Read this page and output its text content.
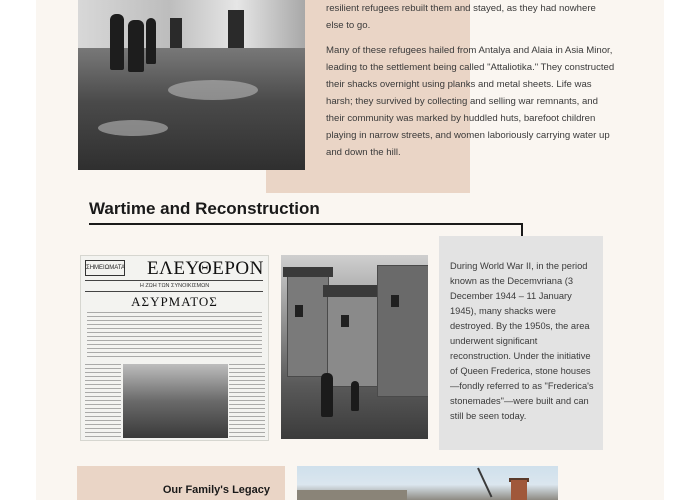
resilient refugees rebuilt them and stayed, as they had nowhere else to go.

Many of these refugees hailed from Antalya and Alaia in Asia Minor, leading to the settlement being called "Attaliotika." They constructed their shacks overnight using planks and metal sheets. Life was harsh; they survived by collecting and selling war remnants, and their community was marked by huddled huts, barefoot children playing in narrow streets, and women laboriously carrying water up and down the hill.

Wartime and Reconstruction
ΣΗΜΕΙΩΜΑΤΑ ΕΛΕΥΘΕΡΟΝ
Η ΖΩΗ ΤΩΝ ΣΥΝΟΙΚΙΣΜΩΝ
ΑΣΥΡΜΑΤΟΣ
During World War II, in the period known as the Decemvriana (3 December 1944 – 11 January 1945), many shacks were destroyed. By the 1950s, the area underwent significant reconstruction. Under the initiative of Queen Frederica, stone houses—fondly referred to as "Frederica's stonemades"—were built and can still be seen today.
Our Family's Legacy
